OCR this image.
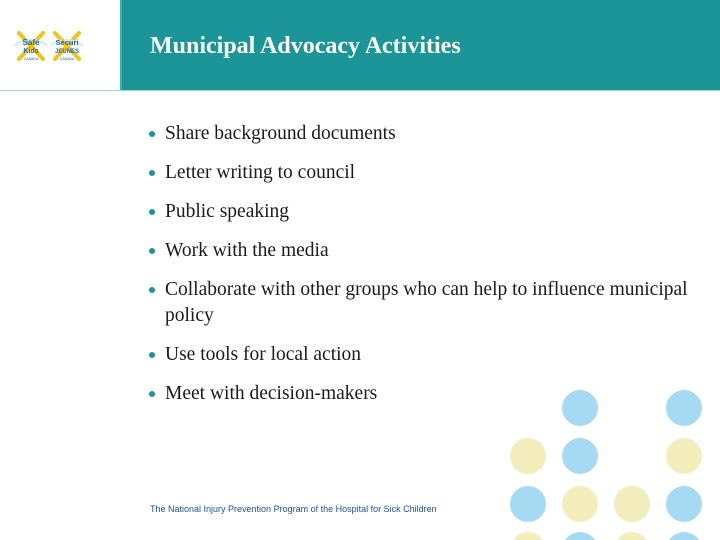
Safe
Kids
CANADA
Sécuri
JEUNES
CANADA	Municipal Advocacy Activities
Share background documents
Letter writing to council
Public speaking
Work with the media
Collaborate with other groups who can help to influence municipal policy
Use tools for local action
Meet with decision-makers
The National Injury Prevention Program of the Hospital for Sick Children
